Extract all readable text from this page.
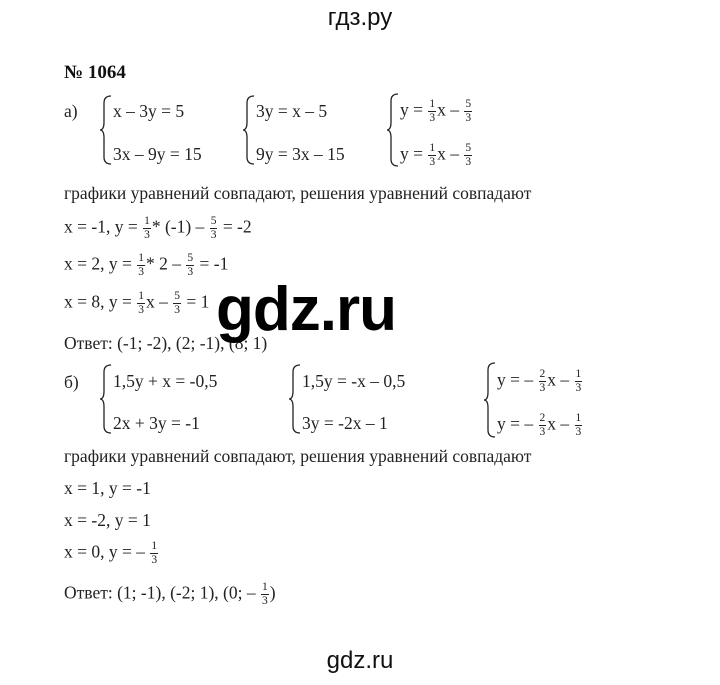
гдз.ру
№ 1064
а) x – 3y = 5
3x – 9y = 15
3y = x – 5
9y = 3x – 15
$y = \frac{1}{3}$ x – $\frac{5}{3}$
$y = \frac{1}{3}$ x – $\frac{5}{3}$
графики уравнений совпадают, решения уравнений совпадают
x = -1, $y = \frac{1}{3} * (-1) - \frac{5}{3} = -2$
x = 2, $y = \frac{1}{3} * 2 - \frac{5}{3} = -1$
x = 8, $y = \frac{1}{3}$ $x - \frac{5}{3} = 1$
Ответ: (-1; -2), (2; -1), (8; 1)
gdz.ru
б) 1,5y + x = -0,5
2x + 3y = -1
1,5y = -x – 0,5
3y = -2x – 1
y = – $\frac{2}{3}$ x – $\frac{1}{3}$
y = – $\frac{2}{3}$ x – $\frac{1}{3}$
графики уравнений совпадают, решения уравнений совпадают
x = 1, y = -1
x = -2, y = 1
x = 0, y = – $\frac{1}{3}$
Ответ: (1; -1), (-2; 1), (0; – $\frac{1}{3}$ )
gdz.ru
